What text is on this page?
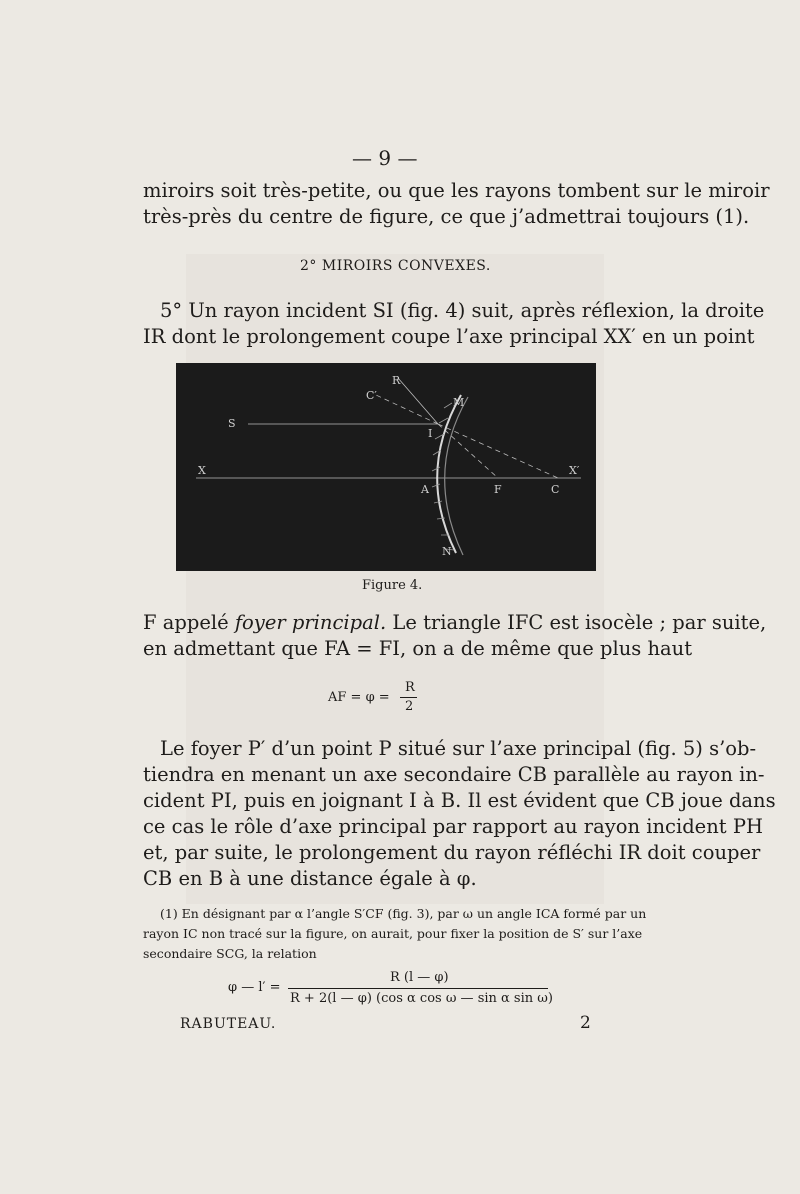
— 9 —
miroirs soit très-petite, ou que les rayons tombent sur le miroir
très-près du centre de figure, ce que j’admettrai toujours (1).
2° MIROIRS CONVEXES.
5° Un rayon incident SI (fig. 4) suit, après réflexion, la droite
IR dont le prolongement coupe l’axe principal XX′ en un point
R
C′
M
S
I
X	X′
A	F	C
N
Figure 4.
F appelé foyer principal. Le triangle IFC est isocèle ; par suite,
en admettant que FA = FI, on a de même que plus haut
AF = φ =
R
2
Le foyer P′ d’un point P situé sur l’axe principal (fig. 5) s’ob-
tiendra en menant un axe secondaire CB parallèle au rayon in-
cident PI, puis en joignant I à B. Il est évident que CB joue dans
ce cas le rôle d’axe principal par rapport au rayon incident PH
et, par suite, le prolongement du rayon réfléchi IR doit couper
CB en B à une distance égale à φ.
(1) En désignant par α l’angle S′CF (fig. 3), par ω un angle ICA formé par un
rayon IC non tracé sur la figure, on aurait, pour fixer la position de S′ sur l’axe
secondaire SCG, la relation
φ — l′ =
R (l — φ)
R + 2(l — φ) (cos α cos ω — sin α sin ω)
RABUTEAU.	2
